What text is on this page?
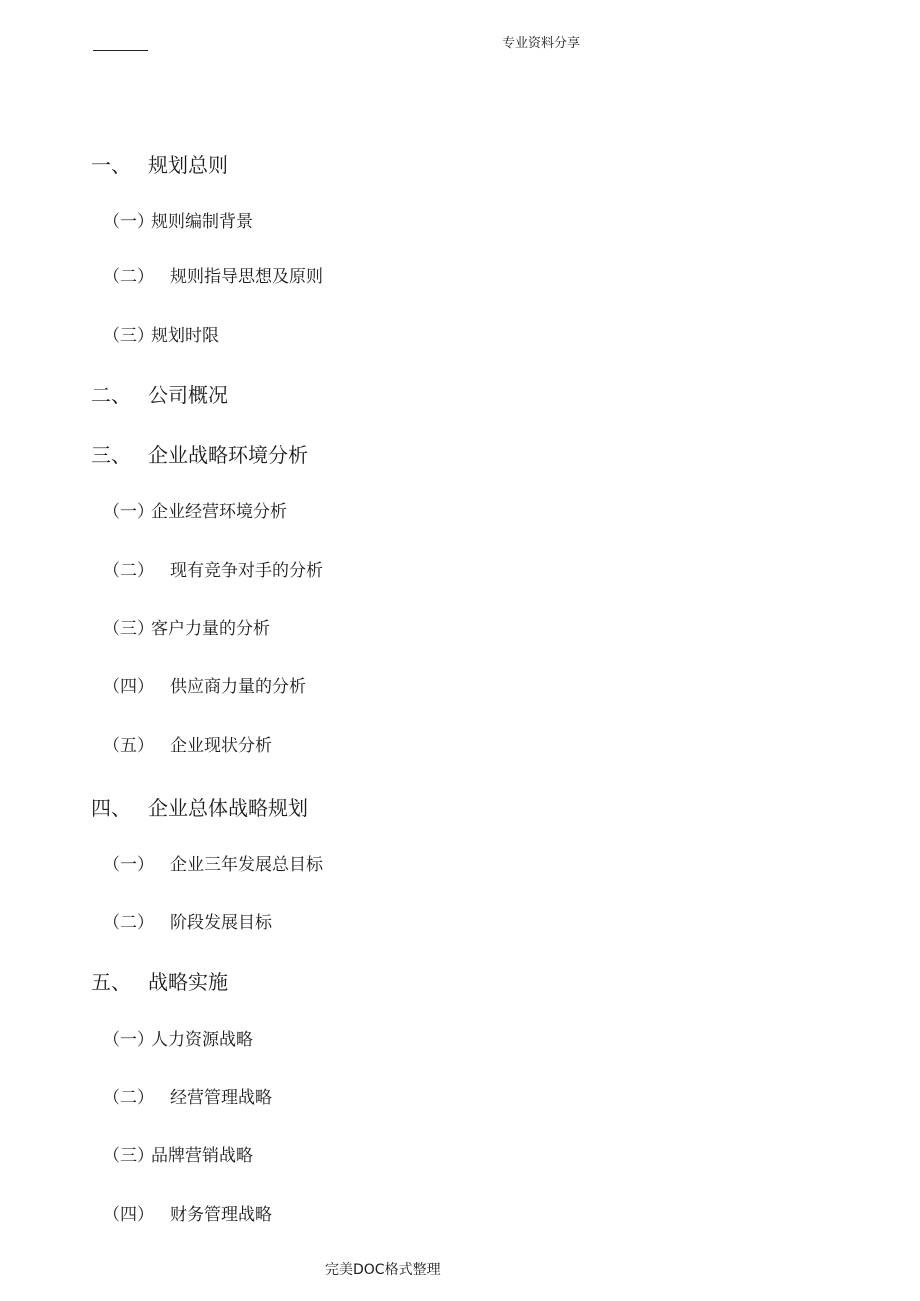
专业资料分享
一、 规划总则
（一）规则编制背景
（二） 规则指导思想及原则
（三）规划时限
二、 公司概况
三、 企业战略环境分析
（一）企业经营环境分析
（二） 现有竞争对手的分析
（三）客户力量的分析
（四） 供应商力量的分析
（五） 企业现状分析
四、 企业总体战略规划
（一） 企业三年发展总目标
（二） 阶段发展目标
五、 战略实施
（一）人力资源战略
（二） 经营管理战略
（三）品牌营销战略
（四） 财务管理战略
完美DOC格式整理
